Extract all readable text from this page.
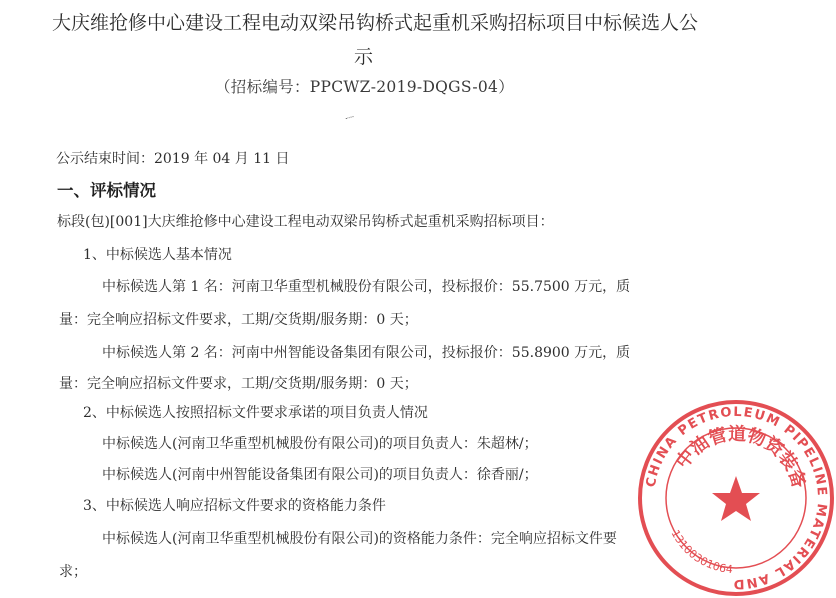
大庆维抢修中心建设工程电动双梁吊钩桥式起重机采购招标项目中标候选人公
示
（招标编号：PPCWZ-2019-DQGS-04）
公示结束时间：2019 年 04 月 11 日
一、评标情况
标段(包)[001]大庆维抢修中心建设工程电动双梁吊钩桥式起重机采购招标项目：
1、中标候选人基本情况
中标候选人第 1 名：河南卫华重型机械股份有限公司，投标报价：55.7500 万元，质
量：完全响应招标文件要求，工期/交货期/服务期：0 天；
中标候选人第 2 名：河南中州智能设备集团有限公司，投标报价：55.8900 万元，质
量：完全响应招标文件要求，工期/交货期/服务期：0 天；
2、中标候选人按照招标文件要求承诺的项目负责人情况
中标候选人(河南卫华重型机械股份有限公司)的项目负责人：朱超林/；
中标候选人(河南中州智能设备集团有限公司)的项目负责人：徐香丽/；
3、中标候选人响应招标文件要求的资格能力条件
中标候选人(河南卫华重型机械股份有限公司)的资格能力条件：完全响应招标文件要
求；
CHINA PETROLEUM PIPELINE MATERIAL AND
中油管道物资装备
13100301064
